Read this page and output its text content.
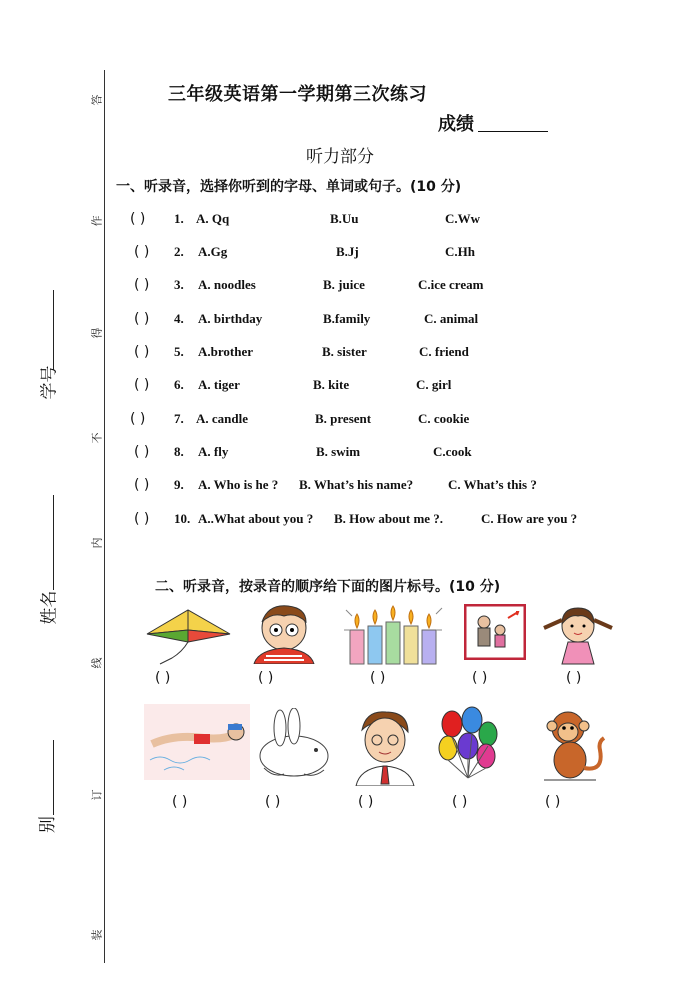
答
作
得
不
内
线
订
装
学号
姓名
别
三年级英语第一学期第三次练习
成绩
听力部分
一、听录音，选择你听到的字母、单词或句子。(10 分)
( ) 1. A. Qq	B.Uu	C.Ww
( ) 2. A.Gg	B.Jj	C.Hh
( ) 3. A. noodles	B. juice	C.ice cream
( ) 4. A. birthday	B.family	C. animal
( ) 5. A.brother	B. sister	C. friend
( ) 6. A. tiger	B. kite	C. girl
( ) 7. A. candle	B. present	C. cookie
( ) 8. A. fly	B. swim	C.cook
( ) 9. A. Who is he ? B. What’s his name?	C. What’s this ?
( ) 10. A..What about you ? B. How about me ?.	C. How are you ?
二、听录音，按录音的顺序给下面的图片标号。(10 分)
( )	( )	( )	( )	( )
( )	( )	( )	( )	( )
